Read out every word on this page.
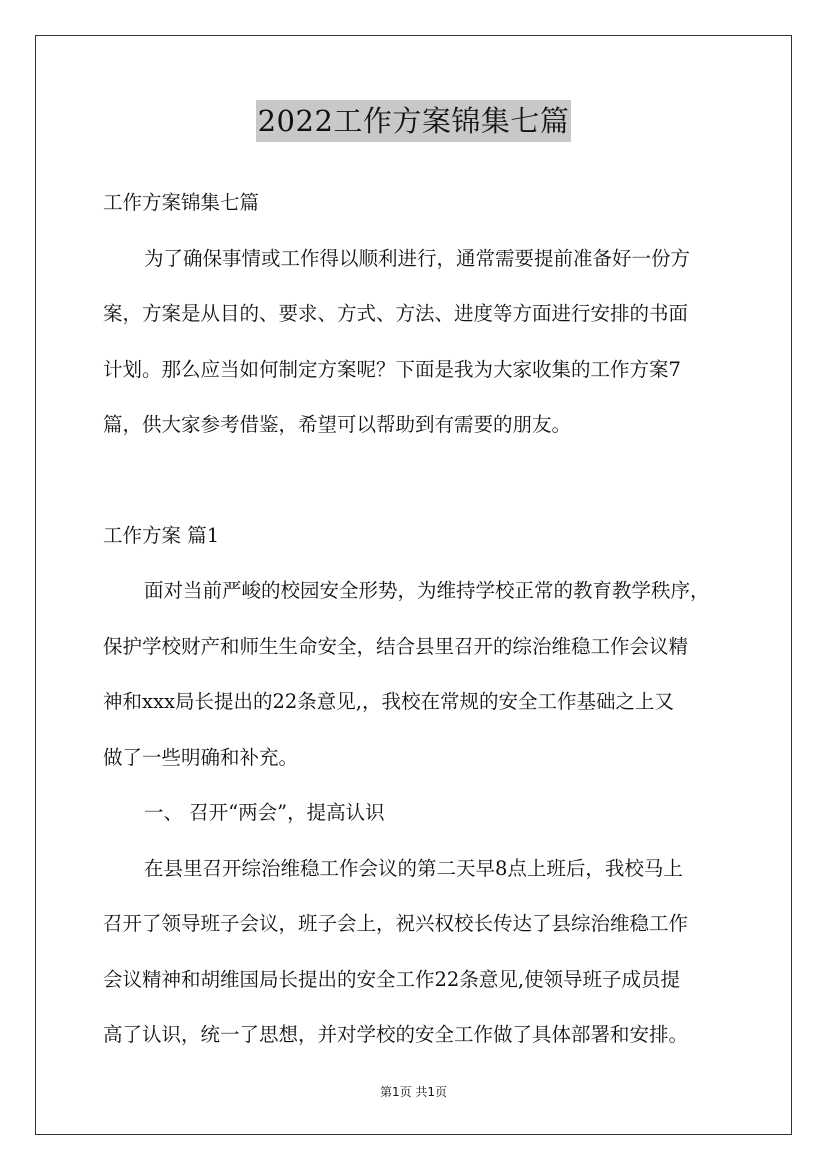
2022工作方案锦集七篇
工作方案锦集七篇
为了确保事情或工作得以顺利进行，通常需要提前准备好一份方
案，方案是从目的、要求、方式、方法、进度等方面进行安排的书面
计划。那么应当如何制定方案呢？下面是我为大家收集的工作方案7
篇，供大家参考借鉴，希望可以帮助到有需要的朋友。
工作方案 篇1
面对当前严峻的校园安全形势，为维持学校正常的教育教学秩序，
保护学校财产和师生生命安全，结合县里召开的综治维稳工作会议精
神和xxx局长提出的22条意见,，我校在常规的安全工作基础之上又
做了一些明确和补充。
一、 召开“两会”，提高认识
在县里召开综治维稳工作会议的第二天早8点上班后，我校马上
召开了领导班子会议，班子会上，祝兴权校长传达了县综治维稳工作
会议精神和胡维国局长提出的安全工作22条意见,使领导班子成员提
高了认识，统一了思想，并对学校的安全工作做了具体部署和安排。
第1页 共1页
